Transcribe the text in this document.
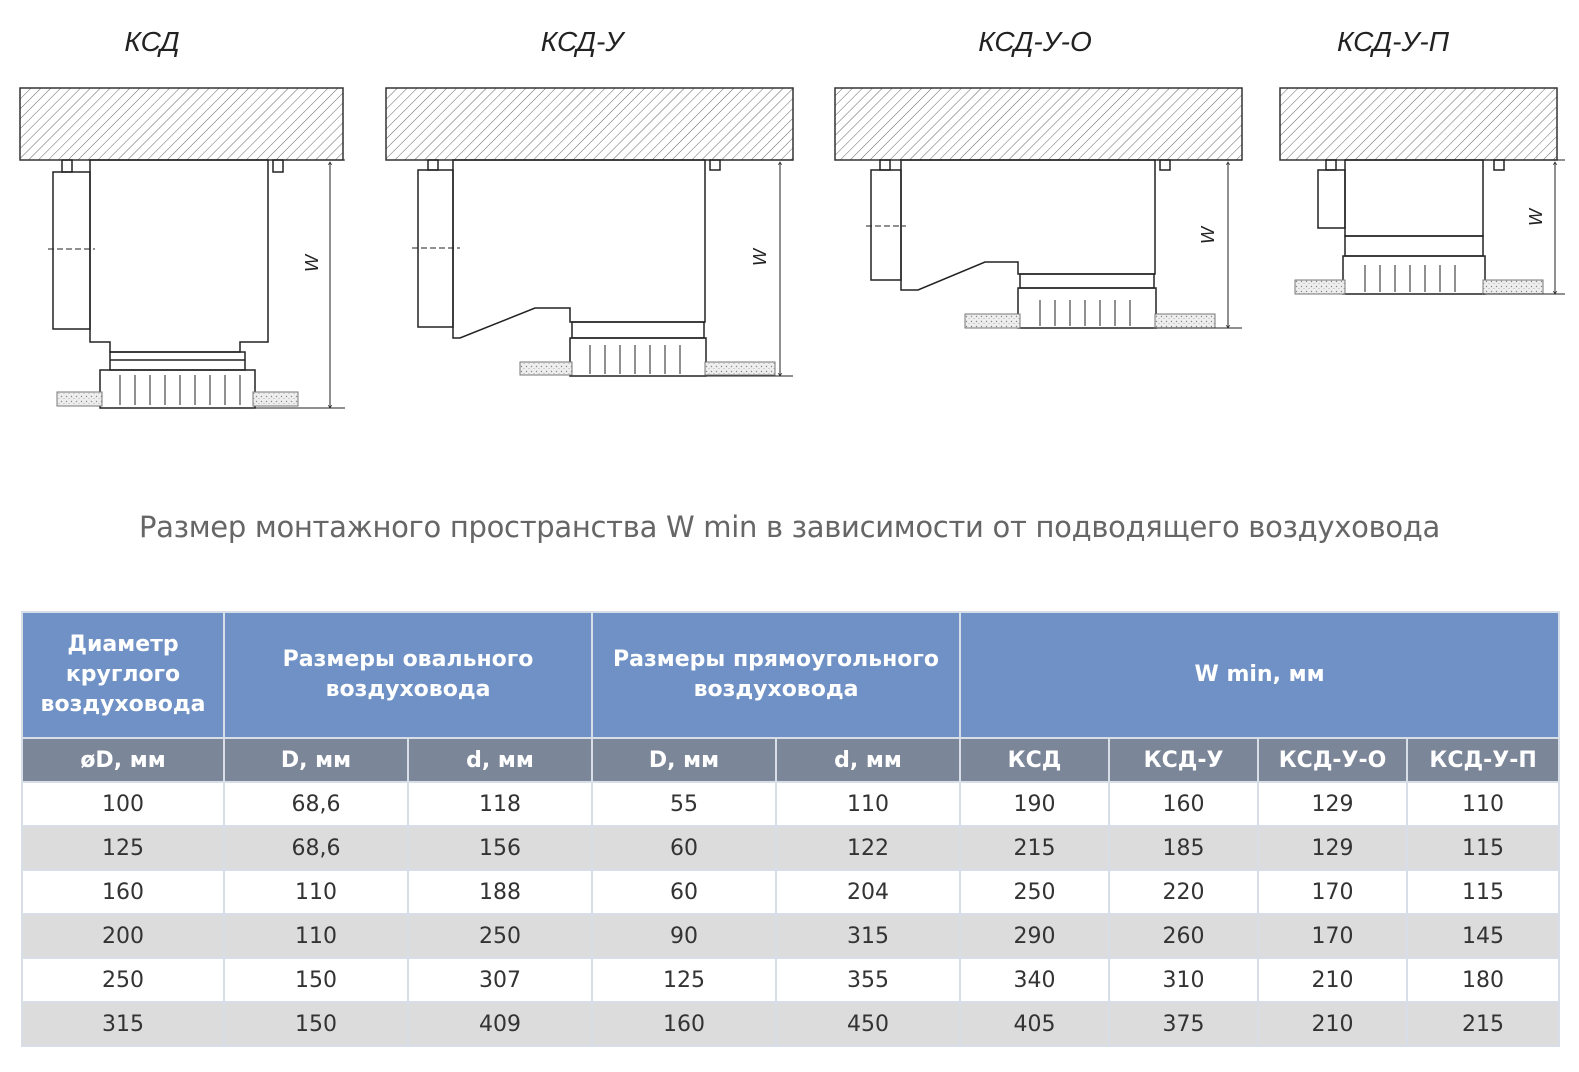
КСД	КСД-У	КСД-У-О	КСД-У-П
W	W
W
W
Размер монтажного пространства W min в зависимости от подводящего воздуховода
Диаметр круглого воздуховода	Размеры овального воздуховода		Размеры прямоугольного воздуховода		W min, мм			
øD, мм	D, мм	d, мм	D, мм	d, мм	КСД	КСД-У	КСД-У-О	КСД-У-П
100	68,6	118	55	110	190	160	129	110
125	68,6	156	60	122	215	185	129	115
160	110	188	60	204	250	220	170	115
200	110	250	90	315	290	260	170	145
250	150	307	125	355	340	310	210	180
315	150	409	160	450	405	375	210	215
